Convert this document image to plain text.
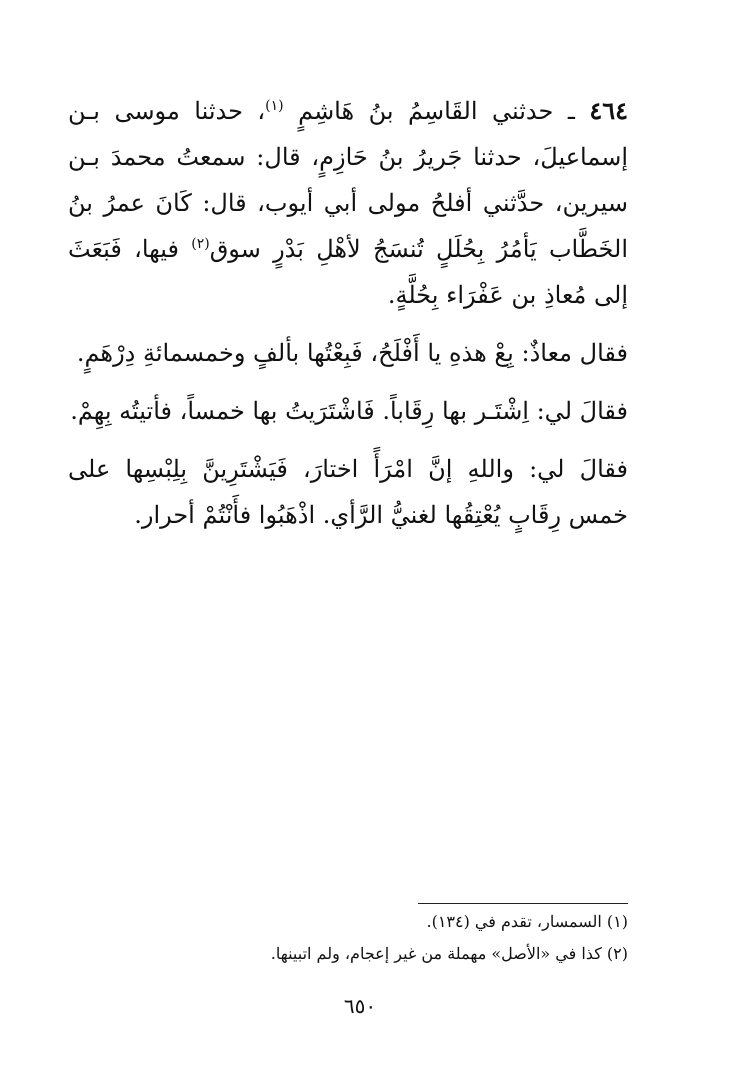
٤٦٤ ـ حدثني القَاسِمُ بنُ هَاشِمٍ $^{(١)}$، حدثنا موسى بـن إسماعيلَ، حدثنا جَريرُ بنُ حَازِمٍ، قال: سمعتُ محمدَ بـن سيرين، حدَّثني أفلحُ مولى أبي أيوب، قال: كَانَ عمرُ بنُ الخَطَّاب يَأمُرُ بِحُلَلٍ تُنسَجُ لأهْلِ بَدْرٍ سوق$^{(٢)}$ فيها، فَبَعَثَ إلى مُعاذِ بن عَفْرَاء بِحُلَّةٍ.

فقال معاذٌ: بِعْ هذهِ يا أَفْلَحُ، فَبِعْتُها بألفٍ وخمسمائةِ دِرْهَمٍ.

فقالَ لي: اِشْتَـر بها رِقَاباً. فَاشْتَرَيتُ بها خمساً، فأتيتُه بِهِمْ.

فقالَ لي: واللهِ إنَّ امْرَأً اختارَ، فَيَشْتَرِينَّ بِلِبْسِها على خمس رِقَابٍ يُعْتِقُها لغنيُّ الرَّأي. اذْهَبُوا فأَنْتُمْ أحرار.

(١) السمسار، تقدم في (١٣٤).
(٢) كذا في «الأصل» مهملة من غير إعجام، ولم اتبينها.
٦٥٠
